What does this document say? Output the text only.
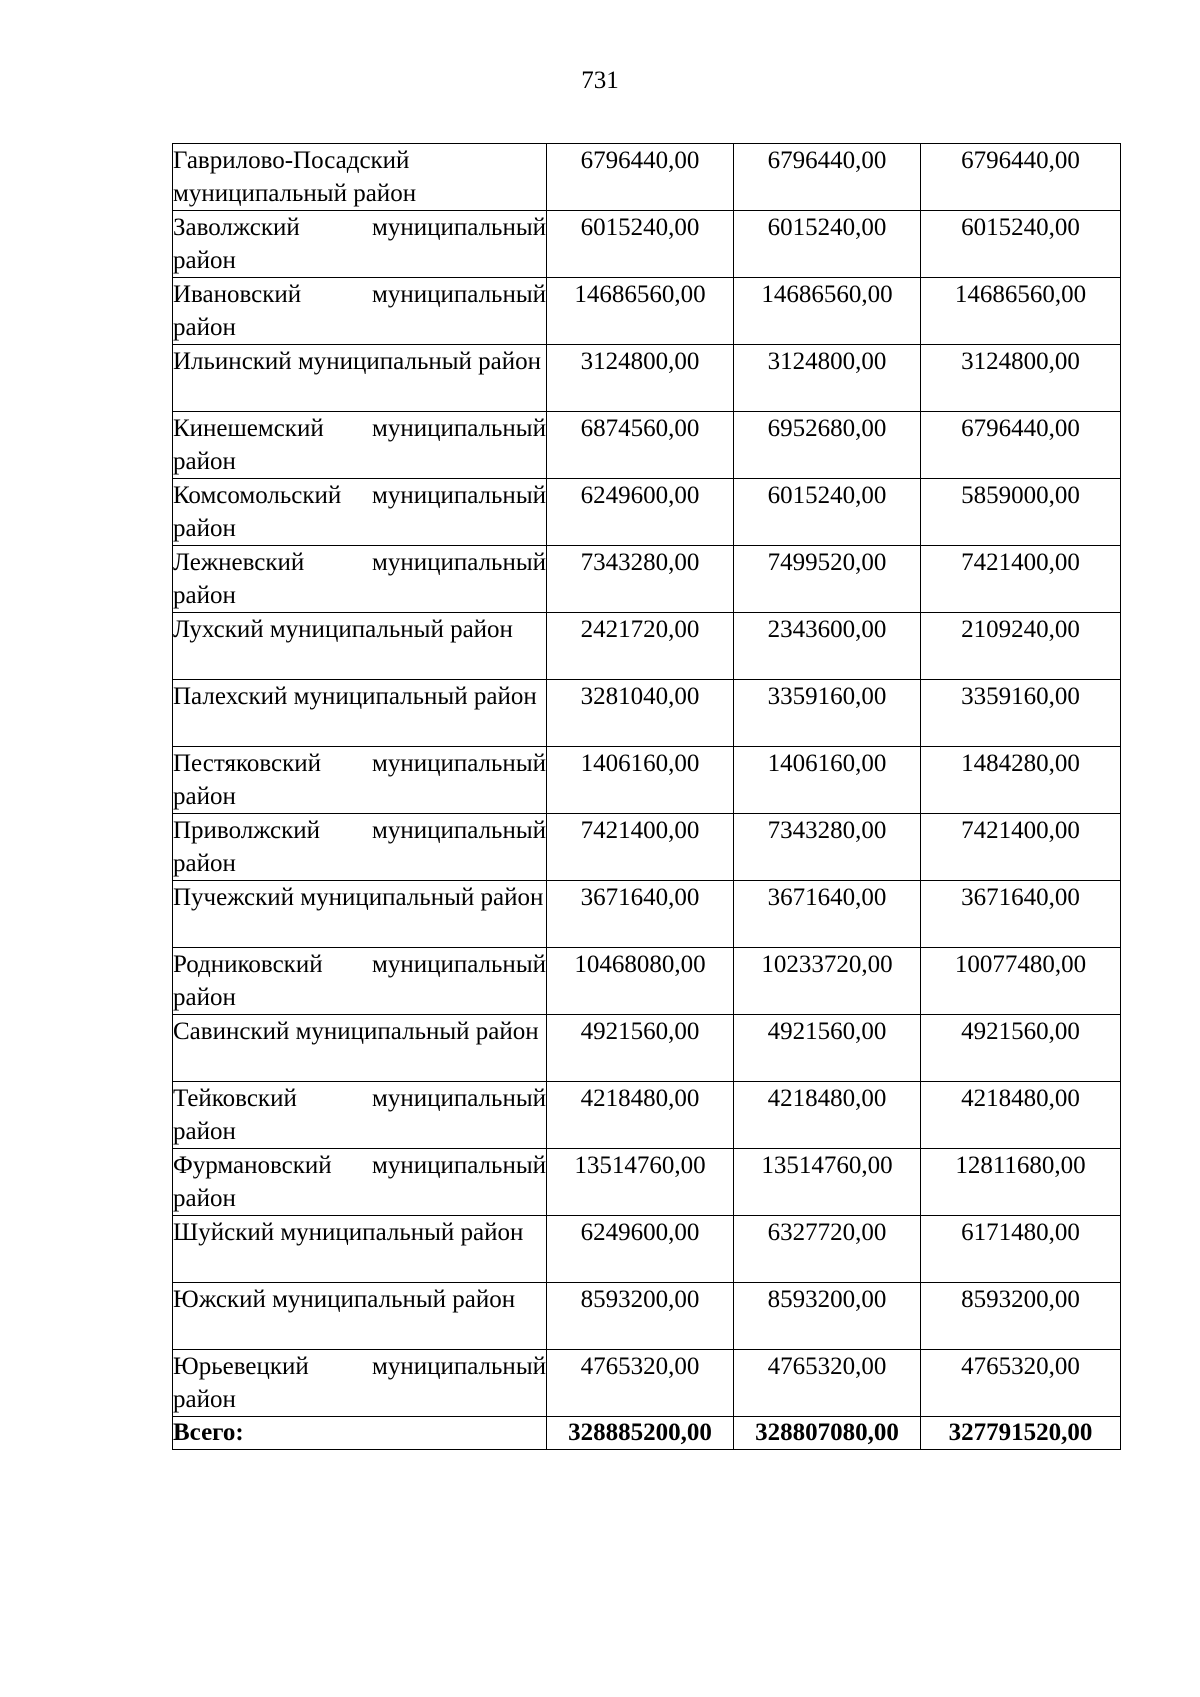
731
Гаврилово-Посадский муниципальный район	6796440,00	6796440,00	6796440,00
Заволжский муниципальный район	6015240,00	6015240,00	6015240,00
Ивановский муниципальный район	14686560,00	14686560,00	14686560,00
Ильинский муниципальный район	3124800,00	3124800,00	3124800,00
Кинешемский муниципальный район	6874560,00	6952680,00	6796440,00
Комсомольский муниципальный район	6249600,00	6015240,00	5859000,00
Лежневский муниципальный район	7343280,00	7499520,00	7421400,00
Лухский муниципальный район	2421720,00	2343600,00	2109240,00
Палехский муниципальный район	3281040,00	3359160,00	3359160,00
Пестяковский муниципальный район	1406160,00	1406160,00	1484280,00
Приволжский муниципальный район	7421400,00	7343280,00	7421400,00
Пучежский муниципальный район	3671640,00	3671640,00	3671640,00
Родниковский муниципальный район	10468080,00	10233720,00	10077480,00
Савинский муниципальный район	4921560,00	4921560,00	4921560,00
Тейковский муниципальный район	4218480,00	4218480,00	4218480,00
Фурмановский муниципальный район	13514760,00	13514760,00	12811680,00
Шуйский муниципальный район	6249600,00	6327720,00	6171480,00
Южский муниципальный район	8593200,00	8593200,00	8593200,00
Юрьевецкий муниципальный район	4765320,00	4765320,00	4765320,00
Всего:	328885200,00	328807080,00	327791520,00
